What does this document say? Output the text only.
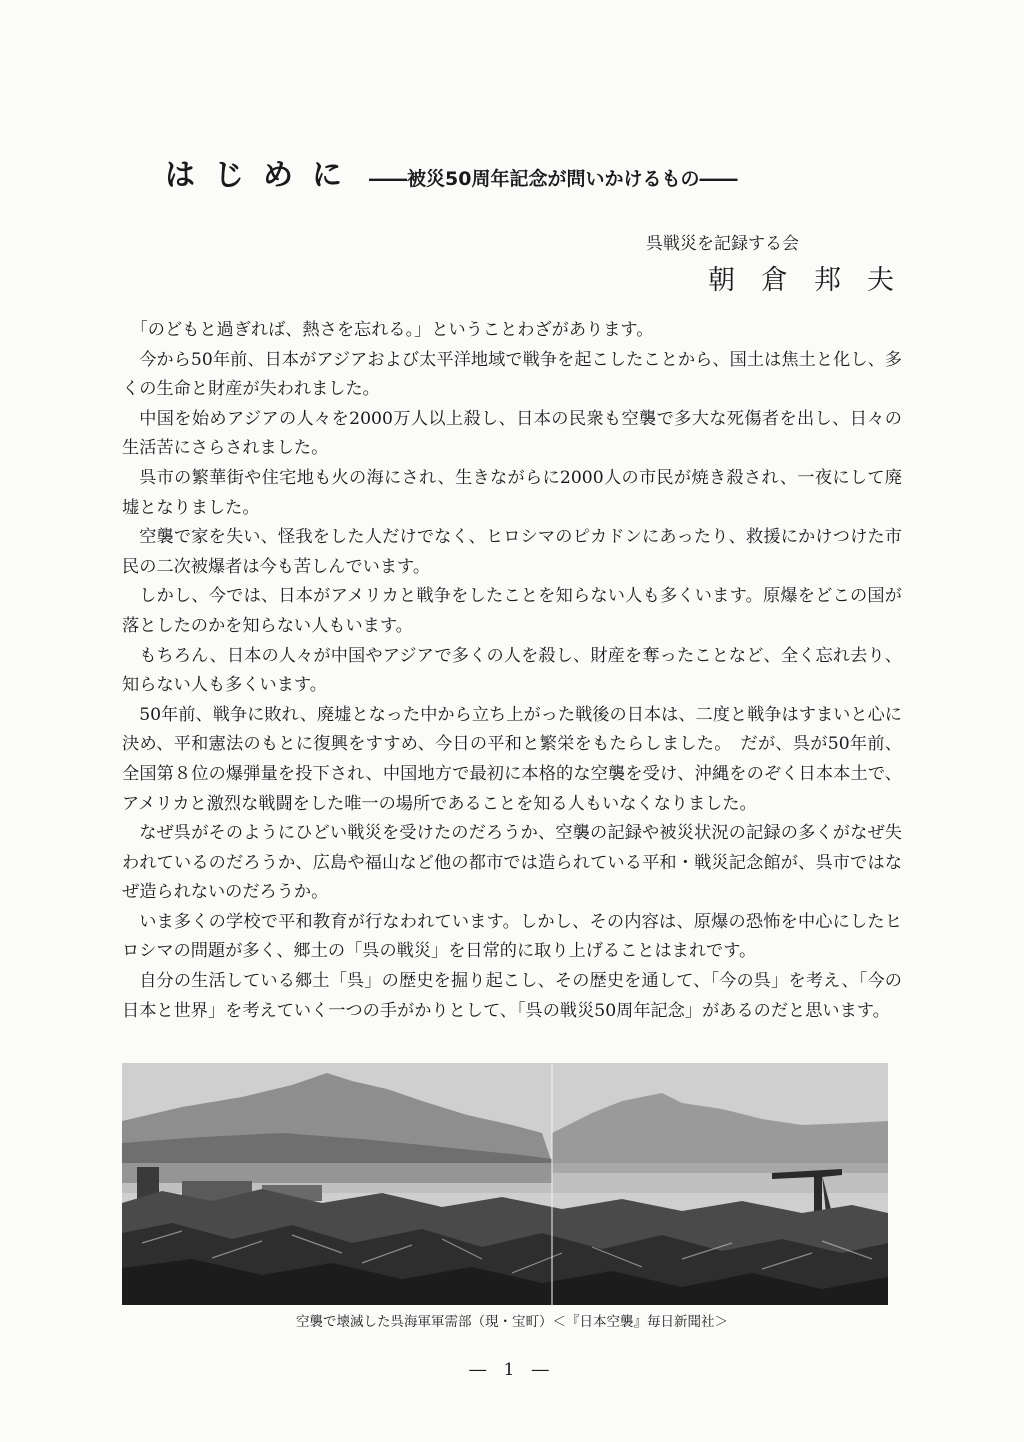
はじめに ――被災50周年記念が問いかけるもの――
呉戦災を記録する会
朝倉邦夫

「のどもと過ぎれば、熱さを忘れる。」ということわざがあります。

今から50年前、日本がアジアおよび太平洋地域で戦争を起こしたことから、国土は焦土と化し、多くの生命と財産が失われました。

中国を始めアジアの人々を2000万人以上殺し、日本の民衆も空襲で多大な死傷者を出し、日々の生活苦にさらされました。

呉市の繁華街や住宅地も火の海にされ、生きながらに2000人の市民が焼き殺され、一夜にして廃墟となりました。

空襲で家を失い、怪我をした人だけでなく、ヒロシマのピカドンにあったり、救援にかけつけた市民の二次被爆者は今も苦しんでいます。

しかし、今では、日本がアメリカと戦争をしたことを知らない人も多くいます。原爆をどこの国が落としたのかを知らない人もいます。

もちろん、日本の人々が中国やアジアで多くの人を殺し、財産を奪ったことなど、全く忘れ去り、知らない人も多くいます。

50年前、戦争に敗れ、廃墟となった中から立ち上がった戦後の日本は、二度と戦争はすまいと心に決め、平和憲法のもとに復興をすすめ、今日の平和と繁栄をもたらしました。　だが、呉が50年前、全国第８位の爆弾量を投下され、中国地方で最初に本格的な空襲を受け、沖縄をのぞく日本本土で、アメリカと激烈な戦闘をした唯一の場所であることを知る人もいなくなりました。

なぜ呉がそのようにひどい戦災を受けたのだろうか、空襲の記録や被災状況の記録の多くがなぜ失われているのだろうか、広島や福山など他の都市では造られている平和・戦災記念館が、呉市ではなぜ造られないのだろうか。

いま多くの学校で平和教育が行なわれています。しかし、その内容は、原爆の恐怖を中心にしたヒロシマの問題が多く、郷土の「呉の戦災」を日常的に取り上げることはまれです。

自分の生活している郷土「呉」の歴史を掘り起こし、その歴史を通して、「今の呉」を考え、「今の日本と世界」を考えていく一つの手がかりとして、「呉の戦災50周年記念」があるのだと思います。

空襲で壊滅した呉海軍軍需部（現・宝町）＜『日本空襲』毎日新聞社＞
― 1 ―
